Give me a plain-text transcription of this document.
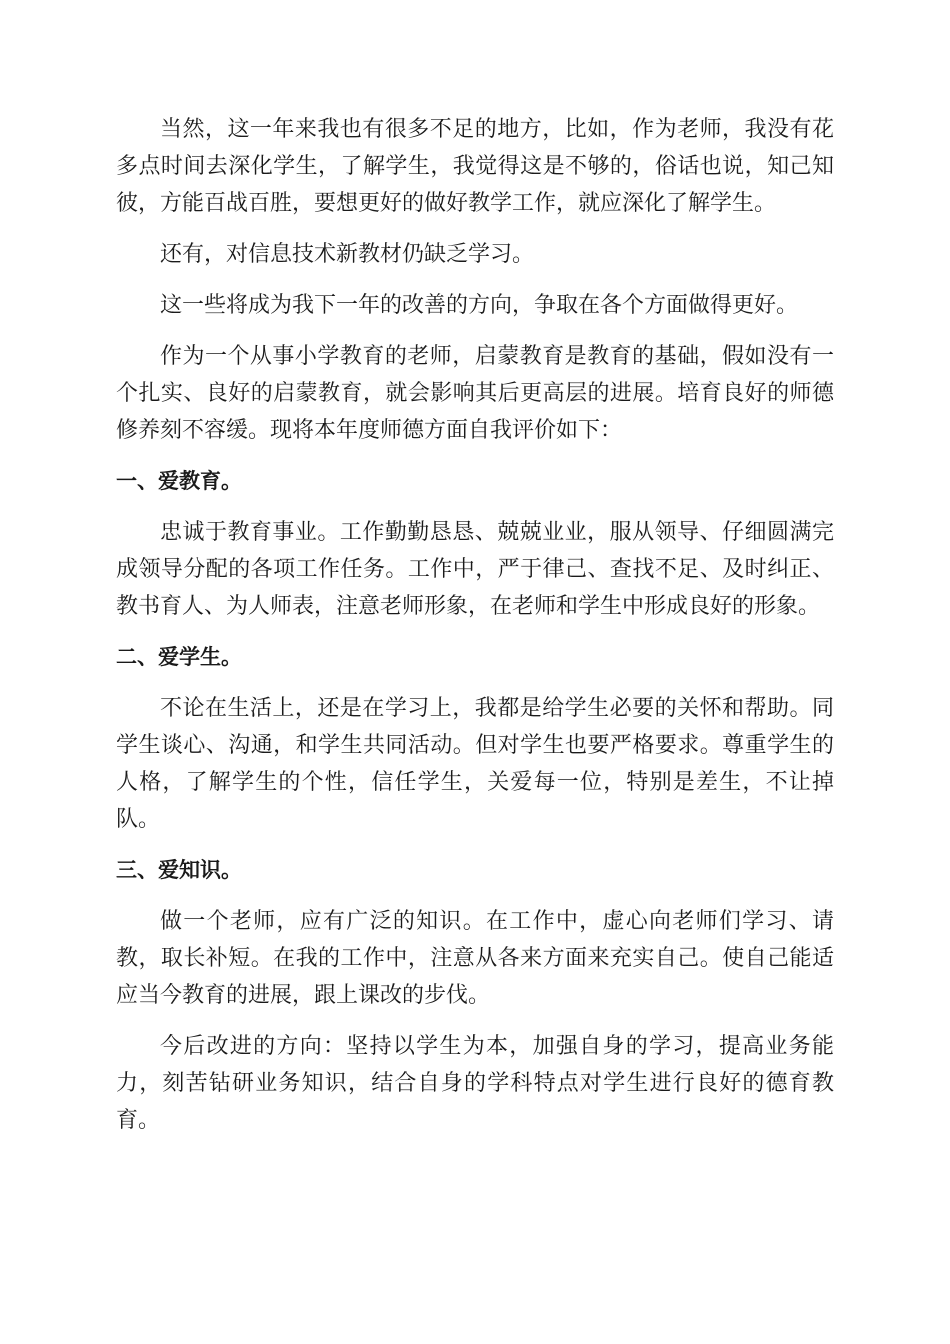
当然，这一年来我也有很多不足的地方，比如，作为老师，我没有花多点时间去深化学生，了解学生，我觉得这是不够的，俗话也说，知己知彼，方能百战百胜，要想更好的做好教学工作，就应深化了解学生。

还有，对信息技术新教材仍缺乏学习。

这一些将成为我下一年的改善的方向，争取在各个方面做得更好。

作为一个从事小学教育的老师，启蒙教育是教育的基础，假如没有一个扎实、良好的启蒙教育，就会影响其后更高层的进展。培育良好的师德修养刻不容缓。现将本年度师德方面自我评价如下：

一、爱教育。

忠诚于教育事业。工作勤勤恳恳、兢兢业业，服从领导、仔细圆满完成领导分配的各项工作任务。工作中，严于律己、查找不足、及时纠正、教书育人、为人师表，注意老师形象，在老师和学生中形成良好的形象。

二、爱学生。

不论在生活上，还是在学习上，我都是给学生必要的关怀和帮助。同学生谈心、沟通，和学生共同活动。但对学生也要严格要求。尊重学生的人格，了解学生的个性，信任学生，关爱每一位，特别是差生，不让掉队。

三、爱知识。

做一个老师，应有广泛的知识。在工作中，虚心向老师们学习、请教，取长补短。在我的工作中，注意从各来方面来充实自己。使自己能适应当今教育的进展，跟上课改的步伐。

今后改进的方向：坚持以学生为本，加强自身的学习，提高业务能力，刻苦钻研业务知识，结合自身的学科特点对学生进行良好的德育教育。
